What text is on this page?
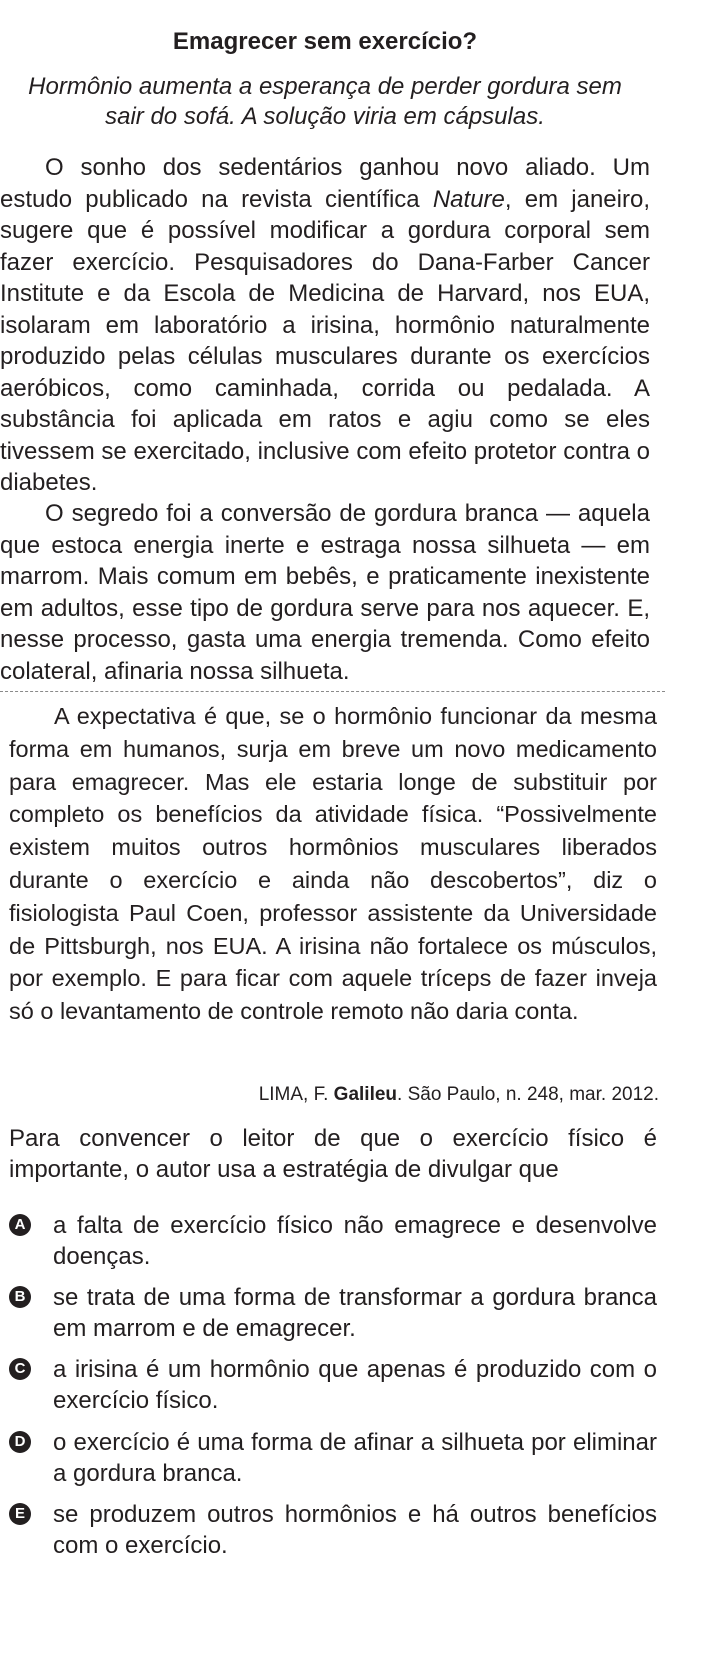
Emagrecer sem exercício?
Hormônio aumenta a esperança de perder gordura sem sair do sofá. A solução viria em cápsulas.

O sonho dos sedentários ganhou novo aliado. Um estudo publicado na revista científica Nature, em janeiro, sugere que é possível modificar a gordura corporal sem fazer exercício. Pesquisadores do Dana-Farber Cancer Institute e da Escola de Medicina de Harvard, nos EUA, isolaram em laboratório a irisina, hormônio naturalmente produzido pelas células musculares durante os exercícios aeróbicos, como caminhada, corrida ou pedalada. A substância foi aplicada em ratos e agiu como se eles tivessem se exercitado, inclusive com efeito protetor contra o diabetes.

O segredo foi a conversão de gordura branca — aquela que estoca energia inerte e estraga nossa silhueta — em marrom. Mais comum em bebês, e praticamente inexistente em adultos, esse tipo de gordura serve para nos aquecer. E, nesse processo, gasta uma energia tremenda. Como efeito colateral, afinaria nossa silhueta.

A expectativa é que, se o hormônio funcionar da mesma forma em humanos, surja em breve um novo medicamento para emagrecer. Mas ele estaria longe de substituir por completo os benefícios da atividade física. “Possivelmente existem muitos outros hormônios musculares liberados durante o exercício e ainda não descobertos”, diz o fisiologista Paul Coen, professor assistente da Universidade de Pittsburgh, nos EUA. A irisina não fortalece os músculos, por exemplo. E para ficar com aquele tríceps de fazer inveja só o levantamento de controle remoto não daria conta.

LIMA, F. Galileu. São Paulo, n. 248, mar. 2012.

Para convencer o leitor de que o exercício físico é importante, o autor usa a estratégia de divulgar que

A a falta de exercício físico não emagrece e desenvolve doenças.
B se trata de uma forma de transformar a gordura branca em marrom e de emagrecer.
C a irisina é um hormônio que apenas é produzido com o exercício físico.
D o exercício é uma forma de afinar a silhueta por eliminar a gordura branca.
E se produzem outros hormônios e há outros benefícios com o exercício.
